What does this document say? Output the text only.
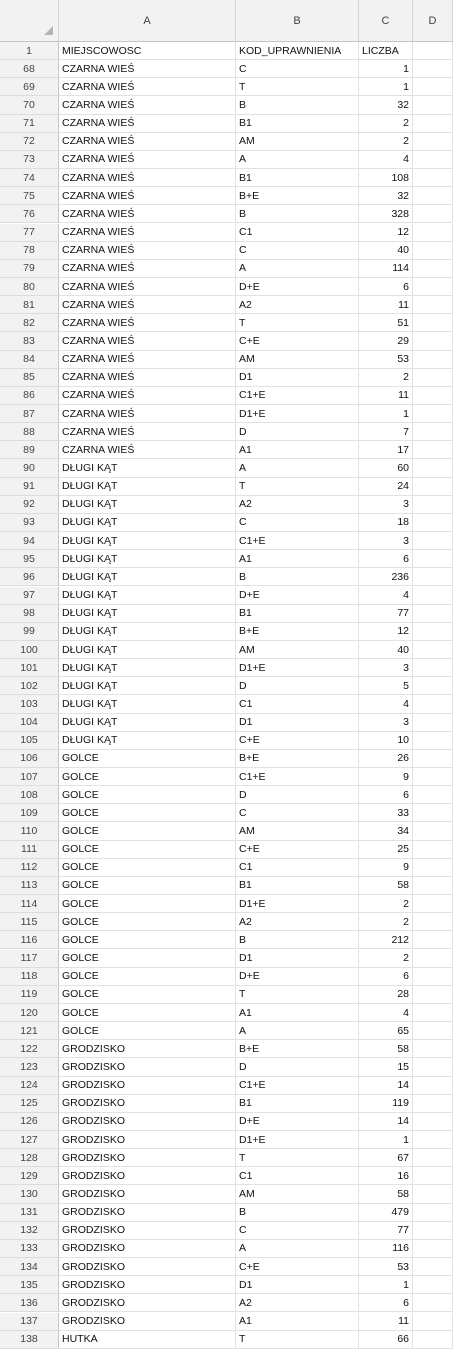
A	B	C	D
1	MIEJSCOWOSC	KOD_UPRAWNIENIA	LICZBA
68	CZARNA WIEŚ	C	1
69	CZARNA WIEŚ	T	1
70	CZARNA WIEŚ	B	32
71	CZARNA WIEŚ	B1	2
72	CZARNA WIEŚ	AM	2
73	CZARNA WIEŚ	A	4
74	CZARNA WIEŚ	B1	108
75	CZARNA WIEŚ	B+E	32
76	CZARNA WIEŚ	B	328
77	CZARNA WIEŚ	C1	12
78	CZARNA WIEŚ	C	40
79	CZARNA WIEŚ	A	114
80	CZARNA WIEŚ	D+E	6
81	CZARNA WIEŚ	A2	11
82	CZARNA WIEŚ	T	51
83	CZARNA WIEŚ	C+E	29
84	CZARNA WIEŚ	AM	53
85	CZARNA WIEŚ	D1	2
86	CZARNA WIEŚ	C1+E	11
87	CZARNA WIEŚ	D1+E	1
88	CZARNA WIEŚ	D	7
89	CZARNA WIEŚ	A1	17
90	DŁUGI KĄT	A	60
91	DŁUGI KĄT	T	24
92	DŁUGI KĄT	A2	3
93	DŁUGI KĄT	C	18
94	DŁUGI KĄT	C1+E	3
95	DŁUGI KĄT	A1	6
96	DŁUGI KĄT	B	236
97	DŁUGI KĄT	D+E	4
98	DŁUGI KĄT	B1	77
99	DŁUGI KĄT	B+E	12
100	DŁUGI KĄT	AM	40
101	DŁUGI KĄT	D1+E	3
102	DŁUGI KĄT	D	5
103	DŁUGI KĄT	C1	4
104	DŁUGI KĄT	D1	3
105	DŁUGI KĄT	C+E	10
106	GOLCE	B+E	26
107	GOLCE	C1+E	9
108	GOLCE	D	6
109	GOLCE	C	33
110	GOLCE	AM	34
111	GOLCE	C+E	25
112	GOLCE	C1	9
113	GOLCE	B1	58
114	GOLCE	D1+E	2
115	GOLCE	A2	2
116	GOLCE	B	212
117	GOLCE	D1	2
118	GOLCE	D+E	6
119	GOLCE	T	28
120	GOLCE	A1	4
121	GOLCE	A	65
122	GRODZISKO	B+E	58
123	GRODZISKO	D	15
124	GRODZISKO	C1+E	14
125	GRODZISKO	B1	119
126	GRODZISKO	D+E	14
127	GRODZISKO	D1+E	1
128	GRODZISKO	T	67
129	GRODZISKO	C1	16
130	GRODZISKO	AM	58
131	GRODZISKO	B	479
132	GRODZISKO	C	77
133	GRODZISKO	A	116
134	GRODZISKO	C+E	53
135	GRODZISKO	D1	1
136	GRODZISKO	A2	6
137	GRODZISKO	A1	11
138	HUTKA	T	66
